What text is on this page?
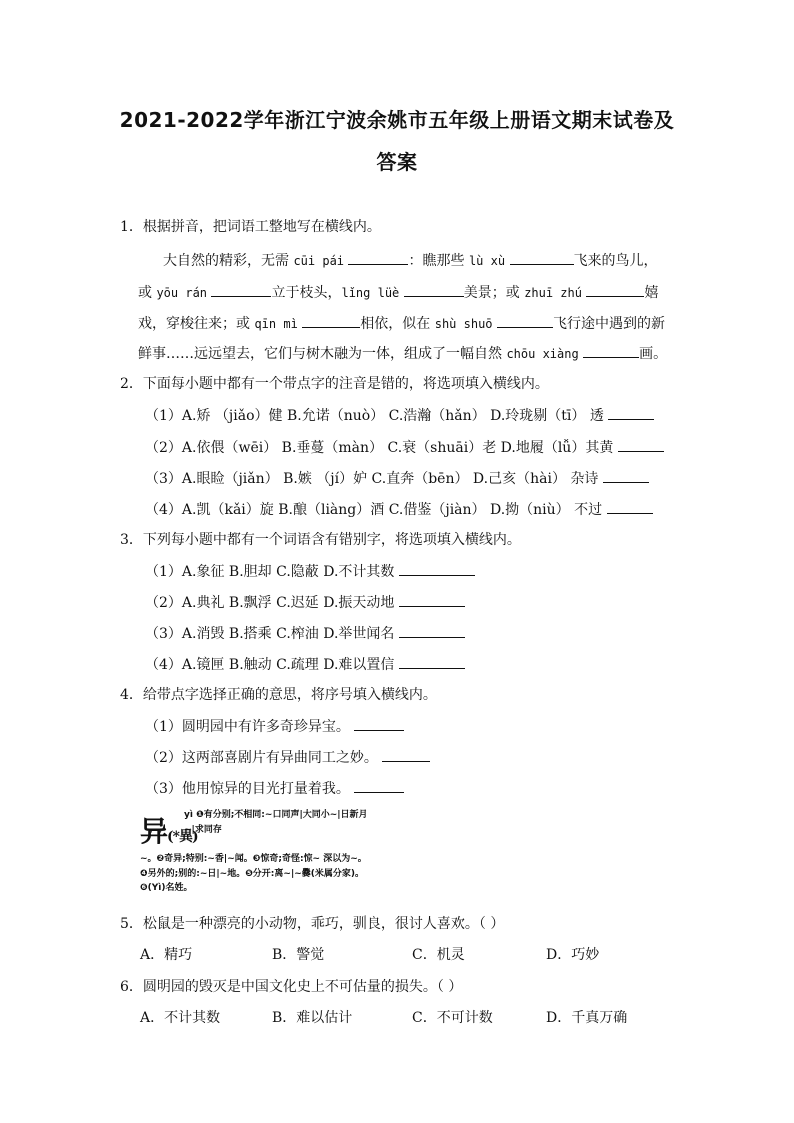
2021-2022学年浙江宁波余姚市五年级上册语文期末试卷及
答案
1．根据拼音，把词语工整地写在横线内。
大自然的精彩，无需 cūi pái	：瞧那些 lù xù	飞来的鸟儿，
或 yōu rán	立于枝头，lǐng lüè	美景；或 zhuī zhú	嬉
戏，穿梭往来；或 qīn mì	相依，似在 shù shuō	飞行途中遇到的新
鲜事……远远望去，它们与树木融为一体，组成了一幅自然 chōu xiàng	画。
2．下面每小题中都有一个带点字的注音是错的，将选项填入横线内。
（1）A.矫 （jiǎo）健 B.允诺（nuò） C.浩瀚（hǎn） D.玲珑剔（tī） 透
（2）A.依偎（wēi） B.垂蔓（màn） C.衰（shuāi）老 D.地履（lǚ）其黄
（3）A.眼睑（jiǎn） B.嫉 （jí）妒 C.直奔（bēn） D.己亥（hài） 杂诗
（4）A.凯（kǎi）旋 B.酿（liàng）酒 C.借鉴（jiàn） D.拗（niù） 不过
3．下列每小题中都有一个词语含有错别字，将选项填入横线内。
（1）A.象征 B.胆却 C.隐蔽 D.不计其数
（2）A.典礼 B.飘浮 C.迟延 D.振天动地
（3）A.消毁 B.搭乘 C.榨油 D.举世闻名
（4）A.镜匣 B.触动 C.疏理 D.难以置信
4．给带点字选择正确的意思，将序号填入横线内。
（1）圆明园中有许多奇珍异宝。
（2）这两部喜剧片有异曲同工之妙。
（3）他用惊异的目光打量着我。
异(*異)
yì ❶有分别;不相同:~口同声|大同小~|日新月~|求同存
~。❷奇异;特别:~香|~闻。❸惊奇;奇怪:惊~ 深以为~。❹另外的;别的:~日|~地。❺分开:离~|~爨(米属分家)。❻(Yì)名姓。
5．松鼠是一种漂亮的小动物，乖巧，驯良，很讨人喜欢。（ ）
A．精巧	B．警觉	C．机灵	D．巧妙
6．圆明园的毁灭是中国文化史上不可估量的损失。（ ）
A．不计其数	B．难以估计	C．不可计数	D．千真万确
